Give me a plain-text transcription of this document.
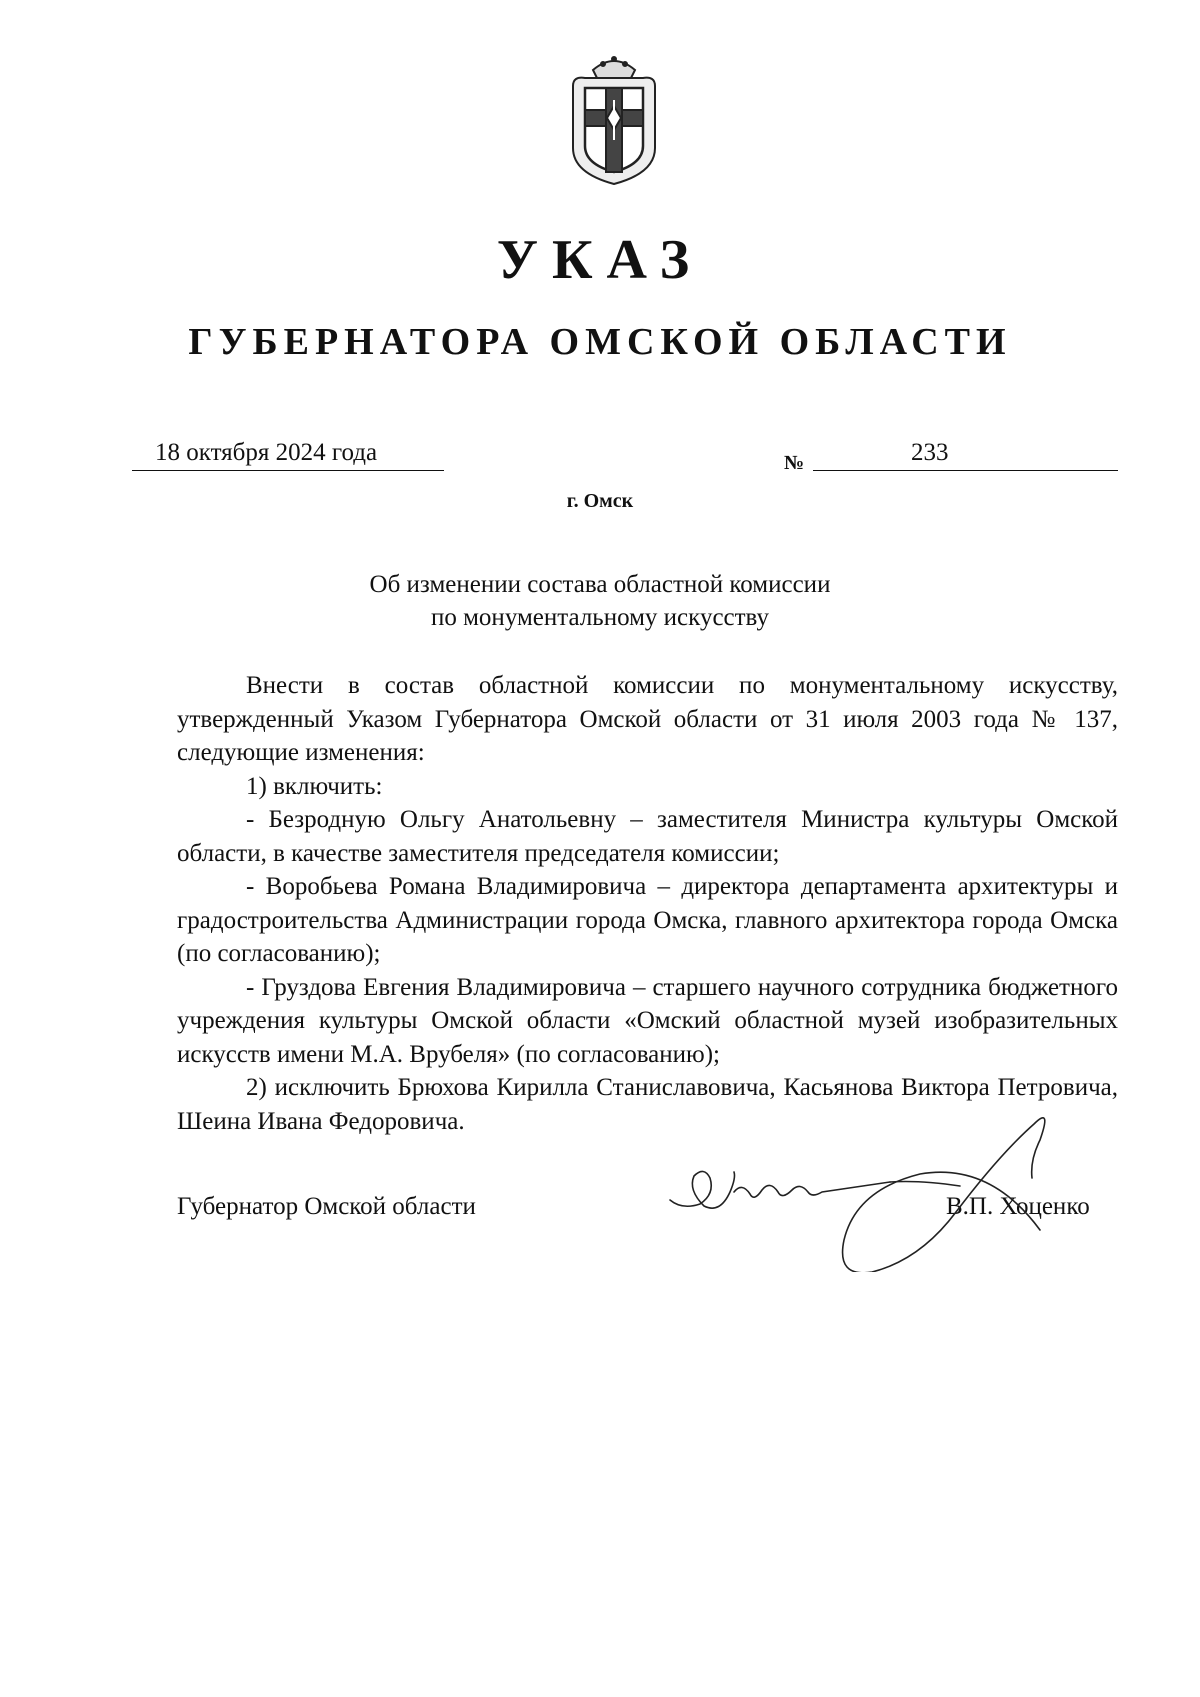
УКАЗ
ГУБЕРНАТОРА ОМСКОЙ ОБЛАСТИ
18 октября 2024 года	№	233
г. Омск
Об изменении состава областной комиссии
по монументальному искусству

Внести в состав областной комиссии по монументальному искусству, утвержденный Указом Губернатора Омской области от 31 июля 2003 года № 137, следующие изменения:

1) включить:

- Безродную Ольгу Анатольевну – заместителя Министра культуры Омской области, в качестве заместителя председателя комиссии;

- Воробьева Романа Владимировича – директора департамента архитектуры и градостроительства Администрации города Омска, главного архитектора города Омска (по согласованию);

- Груздова Евгения Владимировича – старшего научного сотрудника бюджетного учреждения культуры Омской области «Омский областной музей изобразительных искусств имени М.А. Врубеля» (по согласованию);

2) исключить Брюхова Кирилла Станиславовича, Касьянова Виктора Петровича, Шеина Ивана Федоровича.

Губернатор Омской области	В.П. Хоценко
